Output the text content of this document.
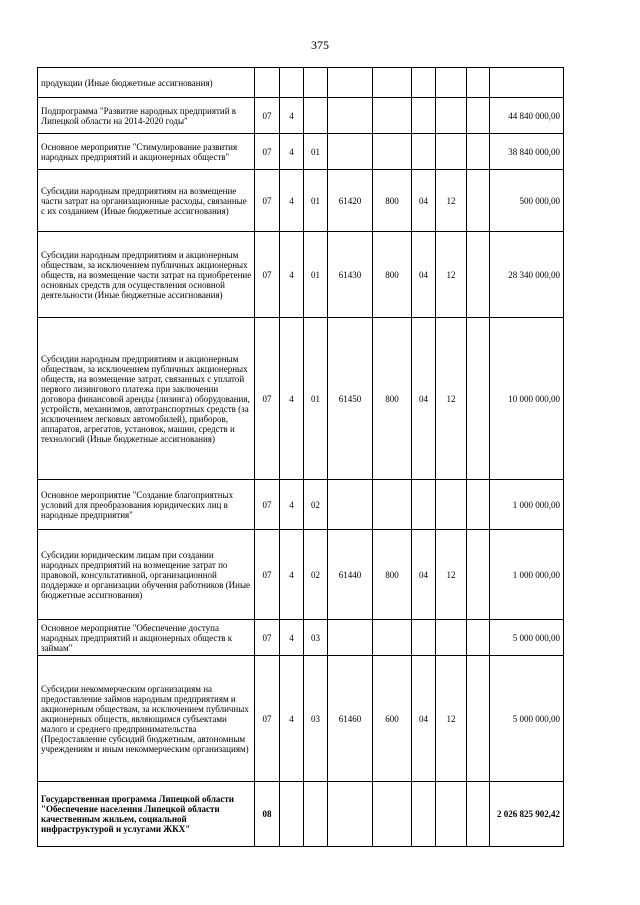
375
продукции (Иные бюджетные ассигнования)									
Подпрограмма "Развитие народных предприятий в Липецкой области на 2014-2020 годы"	07	4							44 840 000,00
Основное мероприятие "Стимулирование развития народных предприятий и акционерных обществ"	07	4	01						38 840 000,00
Субсидии народным предприятиям на возмещение части затрат на организационные расходы, связанные с их созданием (Иные бюджетные ассигнования)	07	4	01	61420	800	04	12		500 000,00
Субсидии народным предприятиям и акционерным обществам, за исключением публичных акционерных обществ, на возмещение части затрат на приобретение основных средств для осуществления основной деятельности (Иные бюджетные ассигнования)	07	4	01	61430	800	04	12		28 340 000,00
Субсидии народным предприятиям и акционерным обществам, за исключением публичных акционерных обществ, на возмещение затрат, связанных с уплатой первого лизингового платежа при заключении договора финансовой аренды (лизинга) оборудования, устройств, механизмов, автотранспортных средств (за исключением легковых автомобилей), приборов, аппаратов, агрегатов, установок, машин, средств и технологий (Иные бюджетные ассигнования)	07	4	01	61450	800	04	12		10 000 000,00
Основное мероприятие "Создание благоприятных условий для преобразования юридических лиц в народные предприятия"	07	4	02						1 000 000,00
Субсидии юридическим лицам при создании народных предприятий на возмещение затрат по правовой, консультативной, организационной поддержке и организации обучения работников (Иные бюджетные ассигнования)	07	4	02	61440	800	04	12		1 000 000,00
Основное мероприятие "Обеспечение доступа народных предприятий и акционерных обществ к займам"	07	4	03						5 000 000,00
Субсидии некоммерческим организациям на предоставление займов народным предприятиям и акционерным обществам, за исключением публичных акционерных обществ, являющимся субъектами малого и среднего предпринимательства (Предоставление субсидий бюджетным, автономным учреждениям и иным некоммерческим организациям)	07	4	03	61460	600	04	12		5 000 000,00
Государственная программа Липецкой области "Обеспечение населения Липецкой области качественным жильем, социальной инфраструктурой и услугами ЖКХ"	08								2 026 825 902,42
